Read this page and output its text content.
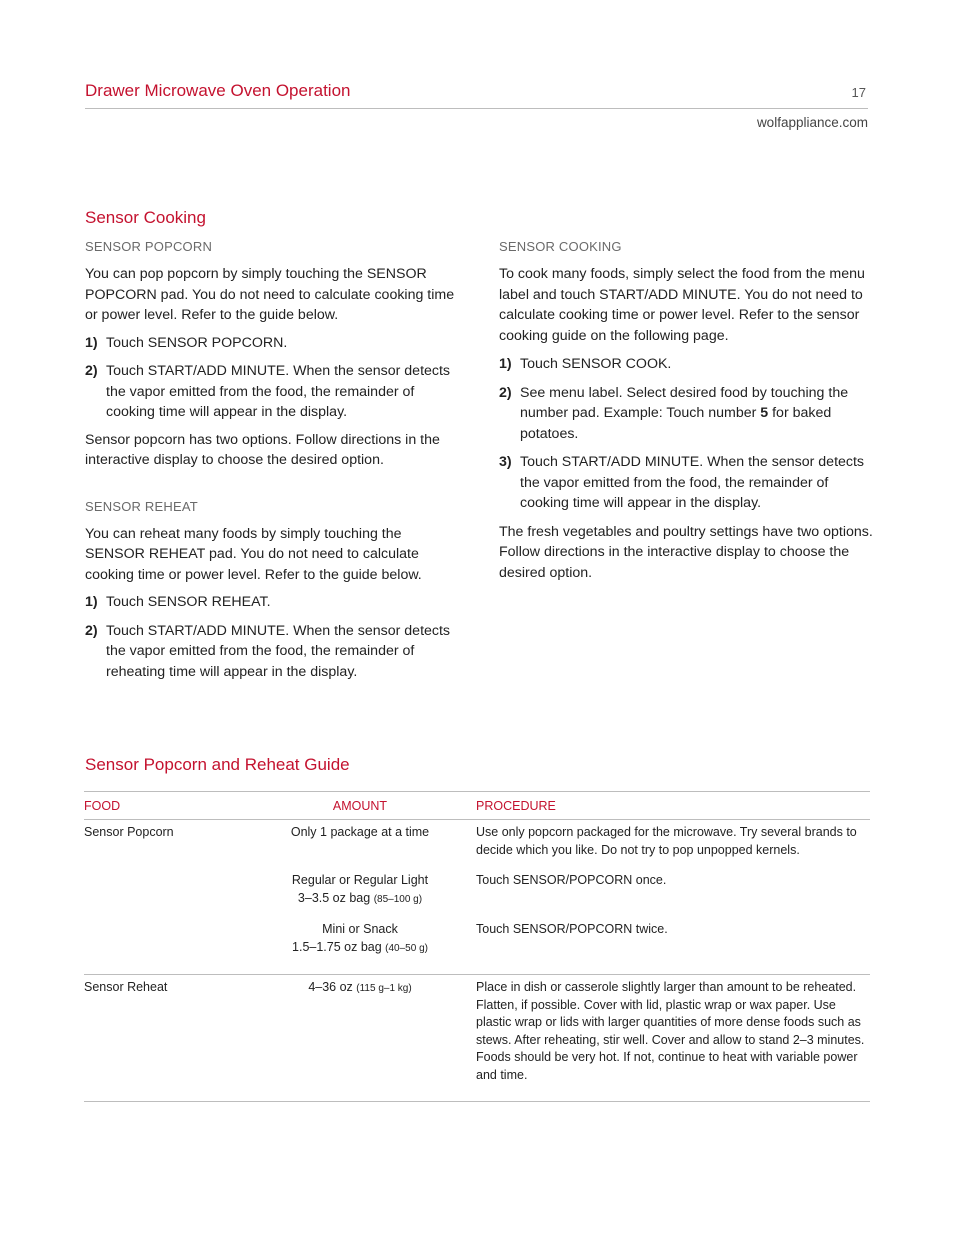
Drawer Microwave Oven Operation	17
wolfappliance.com
Sensor Cooking
SENSOR POPCORN

You can pop popcorn by simply touching the SENSOR POPCORN pad. You do not need to calculate cooking time or power level. Refer to the guide below.

1) Touch SENSOR POPCORN.
2) Touch START/ADD MINUTE. When the sensor detects the vapor emitted from the food, the remainder of cooking time will appear in the display.

Sensor popcorn has two options. Follow directions in the interactive display to choose the desired option.

SENSOR REHEAT

You can reheat many foods by simply touching the SENSOR REHEAT pad. You do not need to calculate cooking time or power level. Refer to the guide below.

1) Touch SENSOR REHEAT.
2) Touch START/ADD MINUTE. When the sensor detects the vapor emitted from the food, the remainder of reheating time will appear in the display.
SENSOR COOKING

To cook many foods, simply select the food from the menu label and touch START/ADD MINUTE. You do not need to calculate cooking time or power level. Refer to the sensor cooking guide on the following page.

1) Touch SENSOR COOK.
2) See menu label. Select desired food by touching the number pad. Example: Touch number 5 for baked potatoes.
3) Touch START/ADD MINUTE. When the sensor detects the vapor emitted from the food, the remainder of cooking time will appear in the display.

The fresh vegetables and poultry settings have two options. Follow directions in the interactive display to choose the desired option.

Sensor Popcorn and Reheat Guide
FOOD	AMOUNT	PROCEDURE
Sensor Popcorn	Only 1 package at a time	Use only popcorn packaged for the microwave. Try several brands to decide which you like. Do not try to pop unpopped kernels.

	Regular or Regular Light
3–3.5 oz bag (85–100 g)	Touch SENSOR/POPCORN once.

	Mini or Snack
1.5–1.75 oz bag (40–50 g)	Touch SENSOR/POPCORN twice.
Sensor Reheat	4–36 oz (115 g–1 kg)	Place in dish or casserole slightly larger than amount to be reheated. Flatten, if possible. Cover with lid, plastic wrap or wax paper. Use plastic wrap or lids with larger quantities of more dense foods such as stews. After reheating, stir well. Cover and allow to stand 2–3 minutes. Foods should be very hot. If not, continue to heat with variable power and time.
